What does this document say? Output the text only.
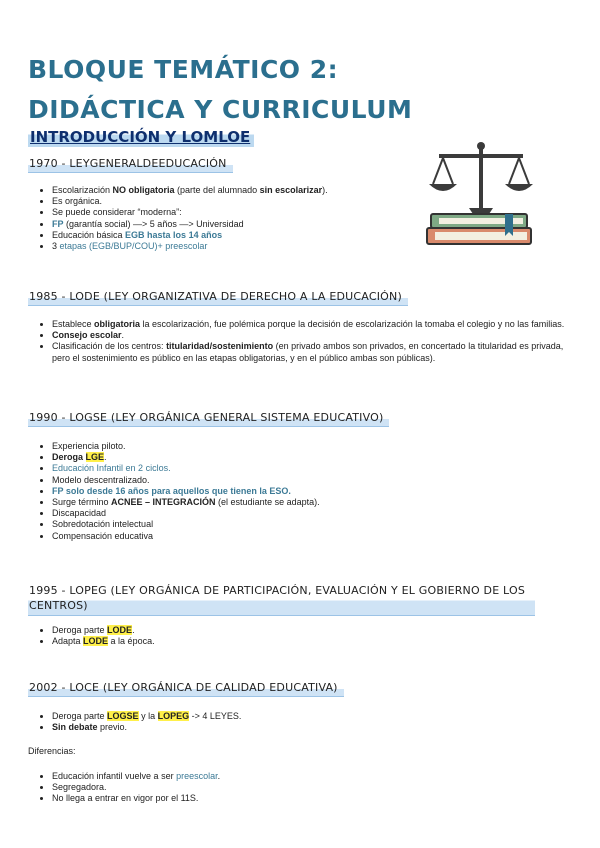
BLOQUE TEMÁTICO 2: DIDÁCTICA Y CURRICULUM
INTRODUCCIÓN Y LOMLOE
1970 - LEYGENERALDEEDUCACIÓN
• Escolarización NO obligatoria (parte del alumnado sin escolarizar).
• Es orgánica.
• Se puede considerar “moderna”:
• FP (garantía social) —> 5 años —> Universidad
• Educación básica EGB hasta los 14 años
• 3 etapas (EGB/BUP/COU)+ preescolar
1985 - LODE (LEY ORGANIZATIVA DE DERECHO A LA EDUCACIÓN)
• Establece obligatoria la escolarización, fue polémica porque la decisión de escolarización la tomaba el colegio y no las familias.
• Consejo escolar.
• Clasificación de los centros: titularidad/sostenimiento (en privado ambos son privados, en concertado la titularidad es privada, pero el sostenimiento es público en las etapas obligatorias, y en el público ambas son públicas).
1990 - LOGSE (LEY ORGÁNICA GENERAL SISTEMA EDUCATIVO)
• Experiencia piloto.
• Deroga LGE.
• Educación Infantil en 2 ciclos.
• Modelo descentralizado.
• FP solo desde 16 años para aquellos que tienen la ESO.
• Surge término ACNEE – INTEGRACIÓN (el estudiante se adapta).
• Discapacidad
• Sobredotación intelectual
• Compensación educativa
1995 - LOPEG (LEY ORGÁNICA DE PARTICIPACIÓN, EVALUACIÓN Y EL GOBIERNO DE LOS CENTROS)
• Deroga parte LODE.
• Adapta LODE a la época.
2002 - LOCE (LEY ORGÁNICA DE CALIDAD EDUCATIVA)
• Deroga parte LOGSE y la LOPEG -> 4 LEYES.
• Sin debate previo.
Diferencias:
• Educación infantil vuelve a ser preescolar.
• Segregadora.
• No llega a entrar en vigor por el 11S.
